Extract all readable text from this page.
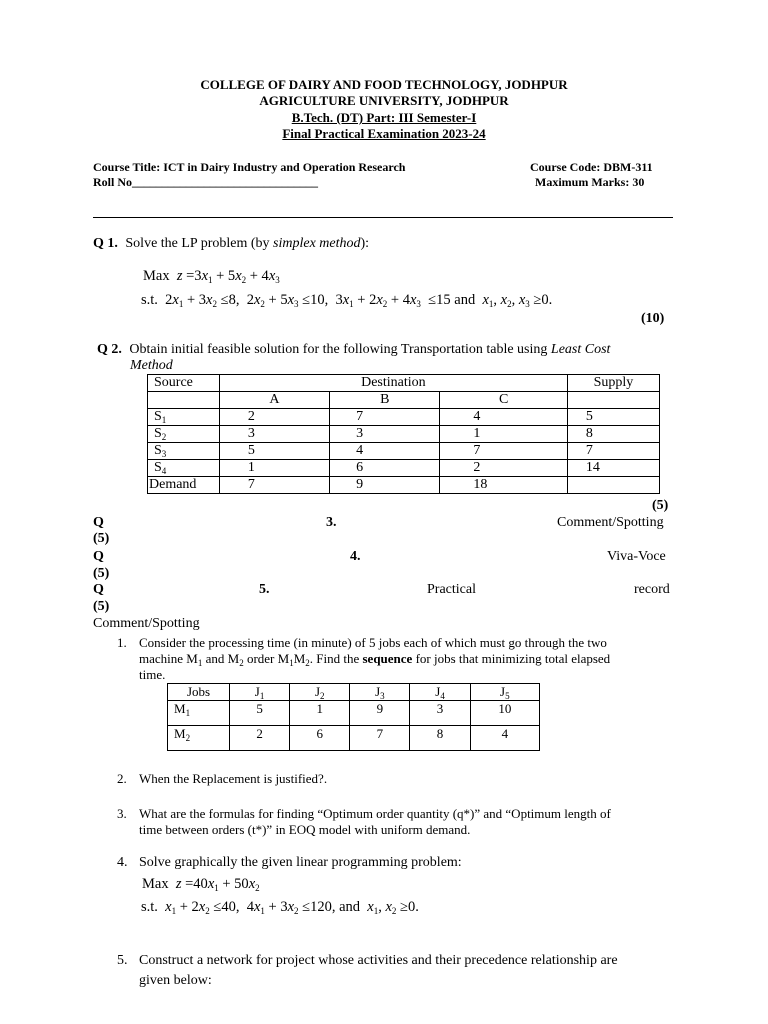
COLLEGE OF DAIRY AND FOOD TECHNOLOGY, JODHPUR
AGRICULTURE UNIVERSITY, JODHPUR
B.Tech. (DT) Part: III Semester-I
Final Practical Examination 2023-24
Course Title: ICT in Dairy Industry and Operation Research	Course Code: DBM-311
Roll No_______________________________	Maximum Marks: 30
Q 1. Solve the LP problem (by simplex method):
Max $z =3x_1 + 5x_2 + 4x_3$
s.t.  $2x_1 + 3x_2 \le 8$,  $2x_2 + 5x_3 \le 10$,  $3x_1 + 2x_2 + 4x_3 \le 15$ and $x_1$, $x_2$, $x_3 \ge 0$.
(10)
Q 2. Obtain initial feasible solution for the following Transportation table using Least Cost
Method
Source	Destination			Supply
	A	B	C	
$S_1$	2	7	4	5
$S_2$	3	3	1	8
$S_3$	5	4	7	7
$S_4$	1	6	2	14
Demand	7	9	18	
(5)
Q	3.	Comment/Spotting
(5)
Q	4.	Viva-Voce
(5)
Q	5.	Practical	record
(5)
Comment/Spotting
1. Consider the processing time (in minute) of 5 jobs each of which must go through the two
machine $M_1$ and $M_2$ order $M_1M_2$. Find the sequence for jobs that minimizing total elapsed
time.
Jobs	$J_1$	$J_2$	$J_3$	$J_4$	$J_5$
$M_1$	5	1	9	3	10
$M_2$	2	6	7	8	4
2. When the Replacement is justified?.
3. What are the formulas for finding “Optimum order quantity (q*)” and “Optimum length of
time between orders (t*)” in EOQ model with uniform demand.
4. Solve graphically the given linear programming problem:
Max $z =40x_1 + 50x_2$
s.t. $x_1 + 2x_2 \le 40$,  $4x_1 + 3x_2 \le 120$, and $x_1$, $x_2 \ge 0$.
5. Construct a network for project whose activities and their precedence relationship are
given below:
